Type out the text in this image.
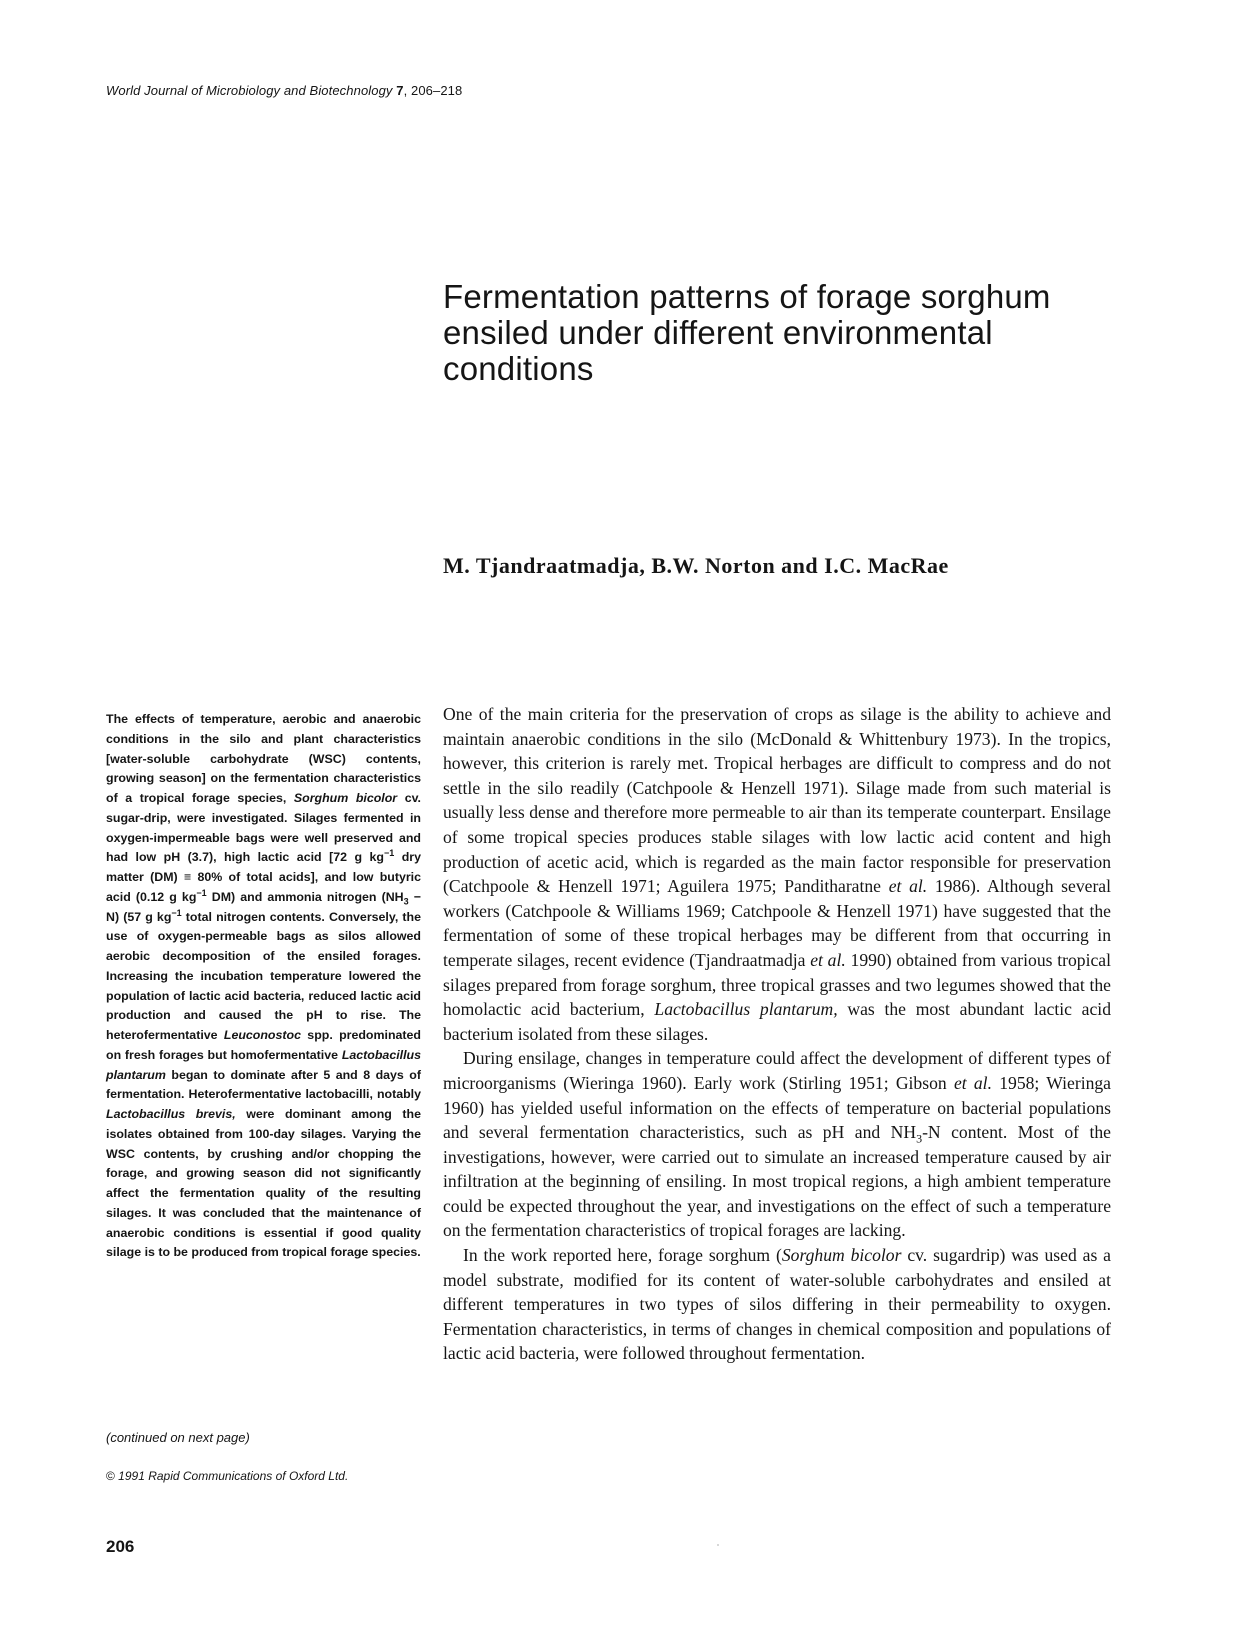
World Journal of Microbiology and Biotechnology 7, 206–218
Fermentation patterns of forage sorghum
ensiled under different environmental
conditions
M. Tjandraatmadja, B.W. Norton and I.C. MacRae

The effects of temperature, aerobic and anaerobic conditions in the silo and plant characteristics [water-soluble carbohydrate (WSC) contents, growing season] on the fermentation characteristics of a tropical forage species, Sorghum bicolor cv. sugar-drip, were investigated. Silages fermented in oxygen-impermeable bags were well preserved and had low pH (3.7), high lactic acid [72 g $kg^{-1}$ dry matter (DM) ≡ 80% of total acids], and low butyric acid (0.12 g $kg^{-1}$ DM) and ammonia nitrogen $(NH_3 - N)$ (57 g $kg^{-1}$ total nitrogen contents. Conversely, the use of oxygen-permeable bags as silos allowed aerobic decomposition of the ensiled forages. Increasing the incubation temperature lowered the population of lactic acid bacteria, reduced lactic acid production and caused the pH to rise. The heterofermentative Leuconostoc spp. predominated on fresh forages but homofermentative Lactobacillus plantarum began to dominate after 5 and 8 days of fermentation. Heterofermentative lactobacilli, notably Lactobacillus brevis, were dominant among the isolates obtained from 100-day silages. Varying the WSC contents, by crushing and/or chopping the forage, and growing season did not significantly affect the fermentation quality of the resulting silages. It was concluded that the maintenance of anaerobic conditions is essential if good quality silage is to be produced from tropical forage species.

(continued on next page)
© 1991 Rapid Communications of Oxford Ltd.
206

One of the main criteria for the preservation of crops as silage is the ability to achieve and maintain anaerobic conditions in the silo (McDonald & Whittenbury 1973). In the tropics, however, this criterion is rarely met. Tropical herbages are difficult to compress and do not settle in the silo readily (Catchpoole & Henzell 1971). Silage made from such material is usually less dense and therefore more permeable to air than its temperate counterpart. Ensilage of some tropical species produces stable silages with low lactic acid content and high production of acetic acid, which is regarded as the main factor responsible for preservation (Catchpoole & Henzell 1971; Aguilera 1975; Panditharatne et al. 1986). Although several workers (Catchpoole & Williams 1969; Catchpoole & Henzell 1971) have suggested that the fermentation of some of these tropical herbages may be different from that occurring in temperate silages, recent evidence (Tjandraatmadja et al. 1990) obtained from various tropical silages prepared from forage sorghum, three tropical grasses and two legumes showed that the homolactic acid bacterium, Lactobacillus plantarum, was the most abundant lactic acid bacterium isolated from these silages.

During ensilage, changes in temperature could affect the development of different types of microorganisms (Wieringa 1960). Early work (Stirling 1951; Gibson et al. 1958; Wieringa 1960) has yielded useful information on the effects of temperature on bacterial populations and several fermentation characteristics, such as pH and $NH_3-N$ content. Most of the investigations, however, were carried out to simulate an increased temperature caused by air infiltration at the beginning of ensiling. In most tropical regions, a high ambient temperature could be expected throughout the year, and investigations on the effect of such a temperature on the fermentation characteristics of tropical forages are lacking.

In the work reported here, forage sorghum (Sorghum bicolor cv. sugardrip) was used as a model substrate, modified for its content of water-soluble carbohydrates and ensiled at different temperatures in two types of silos differing in their permeability to oxygen. Fermentation characteristics, in terms of changes in chemical composition and populations of lactic acid bacteria, were followed throughout fermentation.
